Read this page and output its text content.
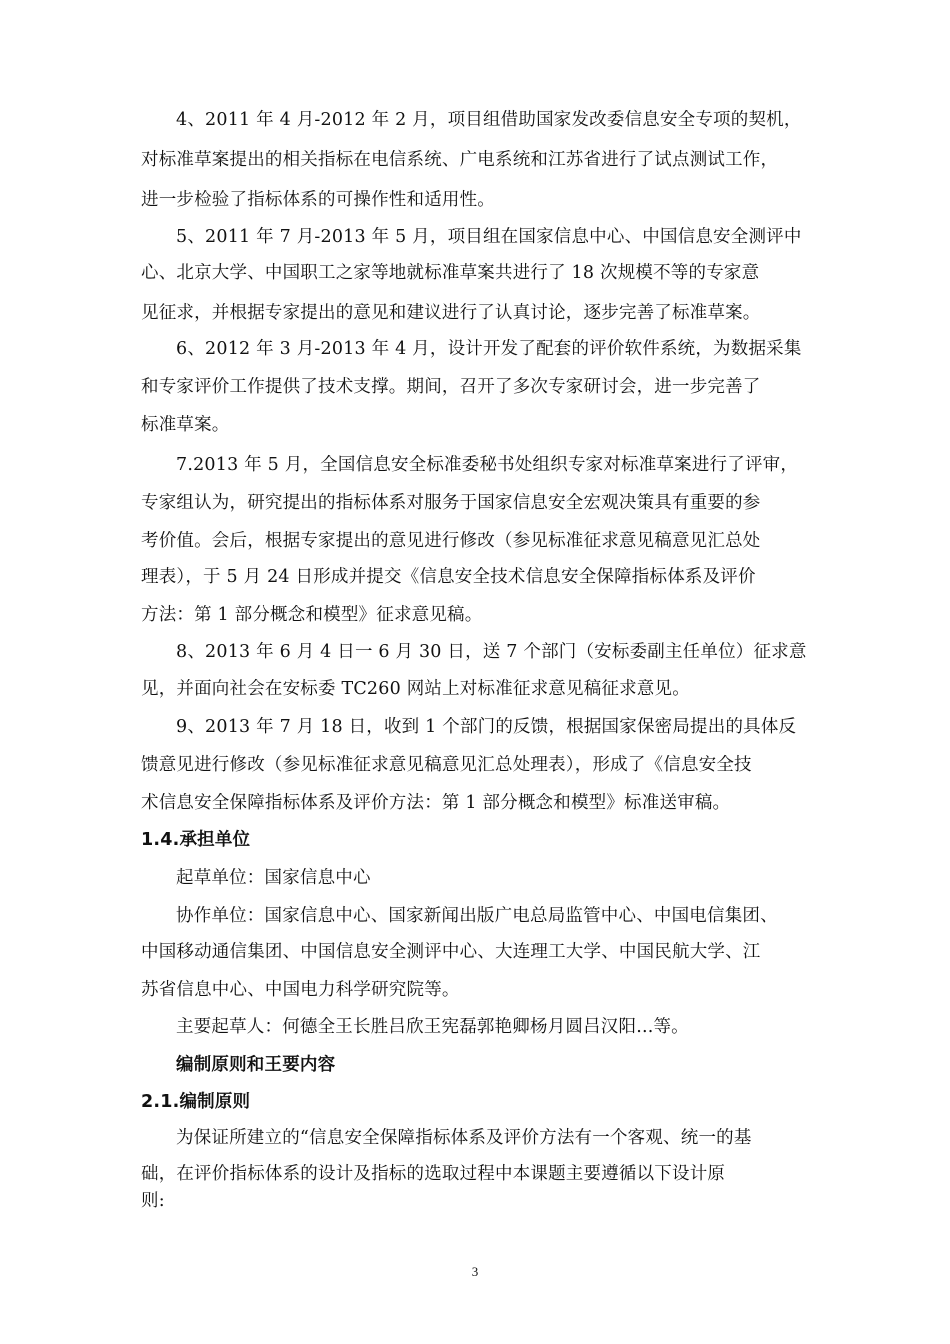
4、2011 年 4 月-2012 年 2 月，项目组借助国家发改委信息安全专项的契机，
对标准草案提出的相关指标在电信系统、广电系统和江苏省进行了试点测试工作，
进一步检验了指标体系的可操作性和适用性。
5、2011 年 7 月-2013 年 5 月，项目组在国家信息中心、中国信息安全测评中
心、北京大学、中国职工之家等地就标准草案共进行了 18 次规模不等的专家意
见征求，并根据专家提出的意见和建议进行了认真讨论，逐步完善了标准草案。
6、2012 年 3 月-2013 年 4 月，设计开发了配套的评价软件系统，为数据采集
和专家评价工作提供了技术支撑。期间，召开了多次专家研讨会，进一步完善了
标准草案。
7.2013 年 5 月，全国信息安全标准委秘书处组织专家对标准草案进行了评审，
专家组认为，研究提出的指标体系对服务于国家信息安全宏观决策具有重要的参
考价值。会后，根据专家提出的意见进行修改（参见标准征求意见稿意见汇总处
理表），于 5 月 24 日形成并提交《信息安全技术信息安全保障指标体系及评价
方法：第 1 部分概念和模型》征求意见稿。
8、2013 年 6 月 4 日一 6 月 30 日，送 7 个部门（安标委副主任单位）征求意
见，并面向社会在安标委 TC260 网站上对标准征求意见稿征求意见。
9、2013 年 7 月 18 日，收到 1 个部门的反馈，根据国家保密局提出的具体反
馈意见进行修改（参见标准征求意见稿意见汇总处理表），形成了《信息安全技
术信息安全保障指标体系及评价方法：第 1 部分概念和模型》标准送审稿。
1.4.承担单位
起草单位：国家信息中心
协作单位：国家信息中心、国家新闻出版广电总局监管中心、中国电信集团、
中国移动通信集团、中国信息安全测评中心、大连理工大学、中国民航大学、江
苏省信息中心、中国电力科学研究院等。
主要起草人：何德全王长胜吕欣王宪磊郭艳卿杨月圆吕汉阳...等。
编制原则和王要内容
2.1.编制原则
为保证所建立的“信息安全保障指标体系及评价方法有一个客观、统一的基
础，在评价指标体系的设计及指标的选取过程中本课题主要遵循以下设计原
则:
3
